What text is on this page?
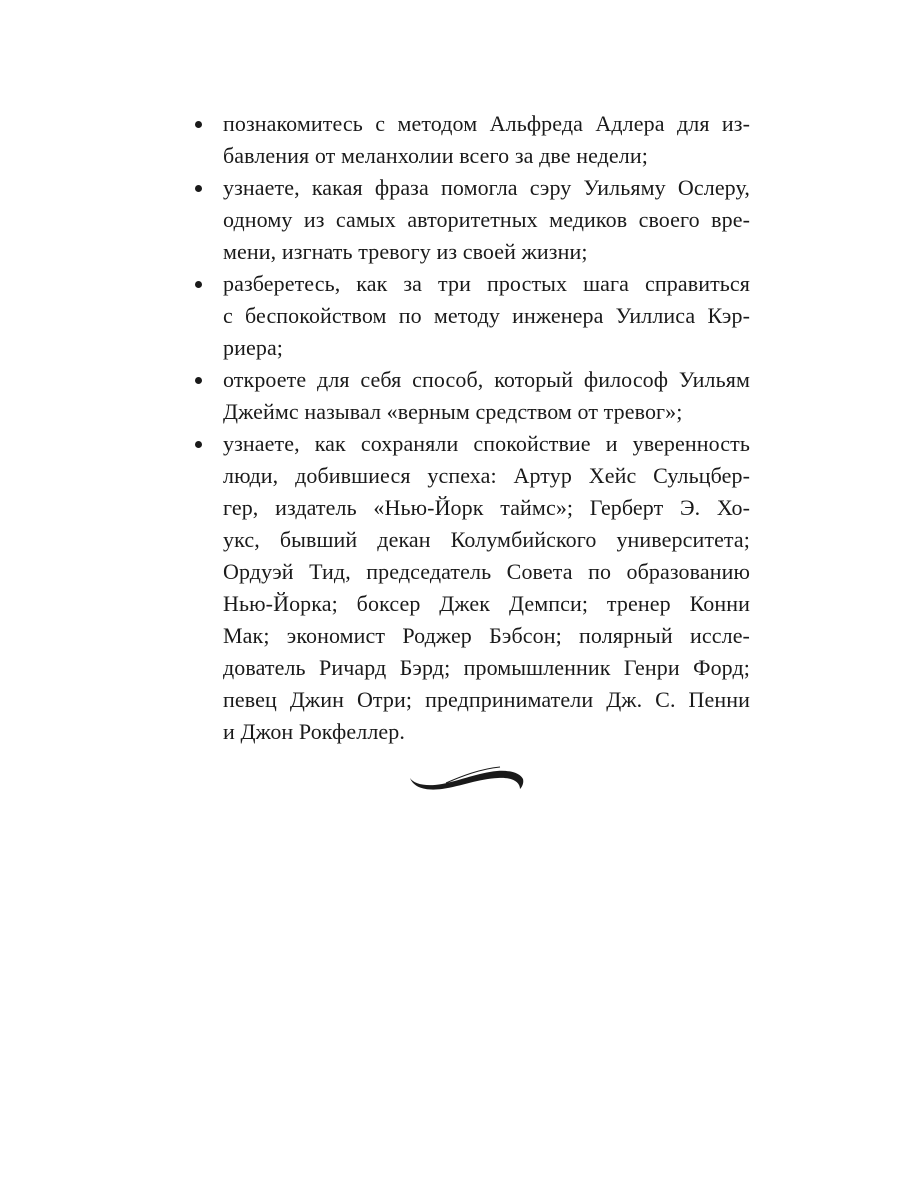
познакомитесь с методом Альфреда Адлера для из-
бавления от меланхолии всего за две недели;
узнаете, какая фраза помогла сэру Уильяму Ослеру,
одному из самых авторитетных медиков своего вре-
мени, изгнать тревогу из своей жизни;
разберетесь, как за три простых шага справиться
с беспокойством по методу инженера Уиллиса Кэр-
риера;
откроете для себя способ, который философ Уильям
Джеймс называл «верным средством от тревог»;
узнаете, как сохраняли спокойствие и уверенность
люди, добившиеся успеха: Артур Хейс Сульцбер-
гер, издатель «Нью-Йорк таймс»; Герберт Э. Хо-
укс, бывший декан Колумбийского университета;
Ордуэй Тид, председатель Совета по образованию
Нью-Йорка; боксер Джек Демпси; тренер Конни
Мак; экономист Роджер Бэбсон; полярный иссле-
дователь Ричард Бэрд; промышленник Генри Форд;
певец Джин Отри; предприниматели Дж. С. Пенни
и Джон Рокфеллер.
